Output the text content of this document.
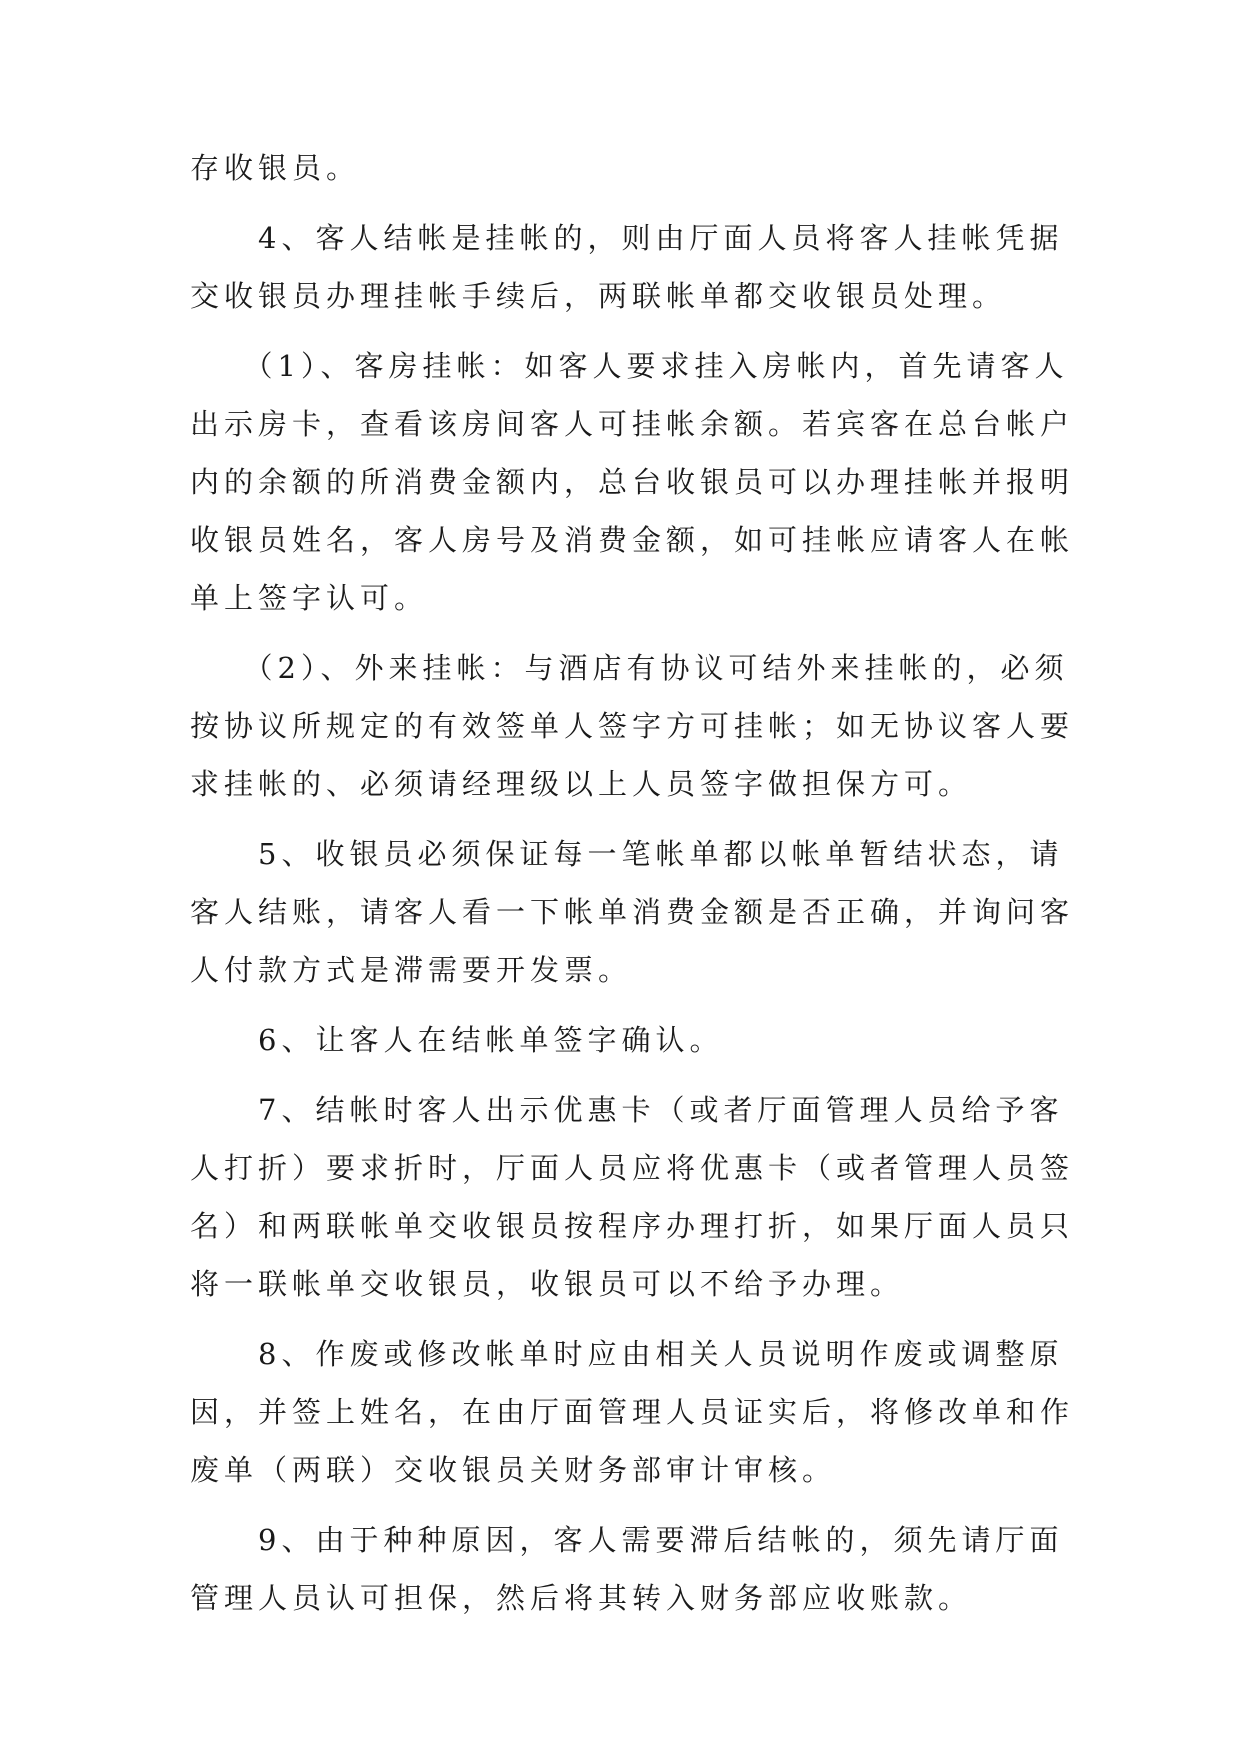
存收银员。
　　4、客人结帐是挂帐的，则由厅面人员将客人挂帐凭据
交收银员办理挂帐手续后，两联帐单都交收银员处理。
　　（1）、客房挂帐：如客人要求挂入房帐内，首先请客人
出示房卡，查看该房间客人可挂帐余额。若宾客在总台帐户
内的余额的所消费金额内，总台收银员可以办理挂帐并报明
收银员姓名，客人房号及消费金额，如可挂帐应请客人在帐
单上签字认可。
　　（2）、外来挂帐：与酒店有协议可结外来挂帐的，必须
按协议所规定的有效签单人签字方可挂帐；如无协议客人要
求挂帐的、必须请经理级以上人员签字做担保方可。
　　5、收银员必须保证每一笔帐单都以帐单暂结状态，请
客人结账，请客人看一下帐单消费金额是否正确，并询问客
人付款方式是滞需要开发票。
　　6、让客人在结帐单签字确认。
　　7、结帐时客人出示优惠卡（或者厅面管理人员给予客
人打折）要求折时，厅面人员应将优惠卡（或者管理人员签
名）和两联帐单交收银员按程序办理打折，如果厅面人员只
将一联帐单交收银员，收银员可以不给予办理。
　　8、作废或修改帐单时应由相关人员说明作废或调整原
因，并签上姓名，在由厅面管理人员证实后，将修改单和作
废单（两联）交收银员关财务部审计审核。
　　9、由于种种原因，客人需要滞后结帐的，须先请厅面
管理人员认可担保，然后将其转入财务部应收账款。
